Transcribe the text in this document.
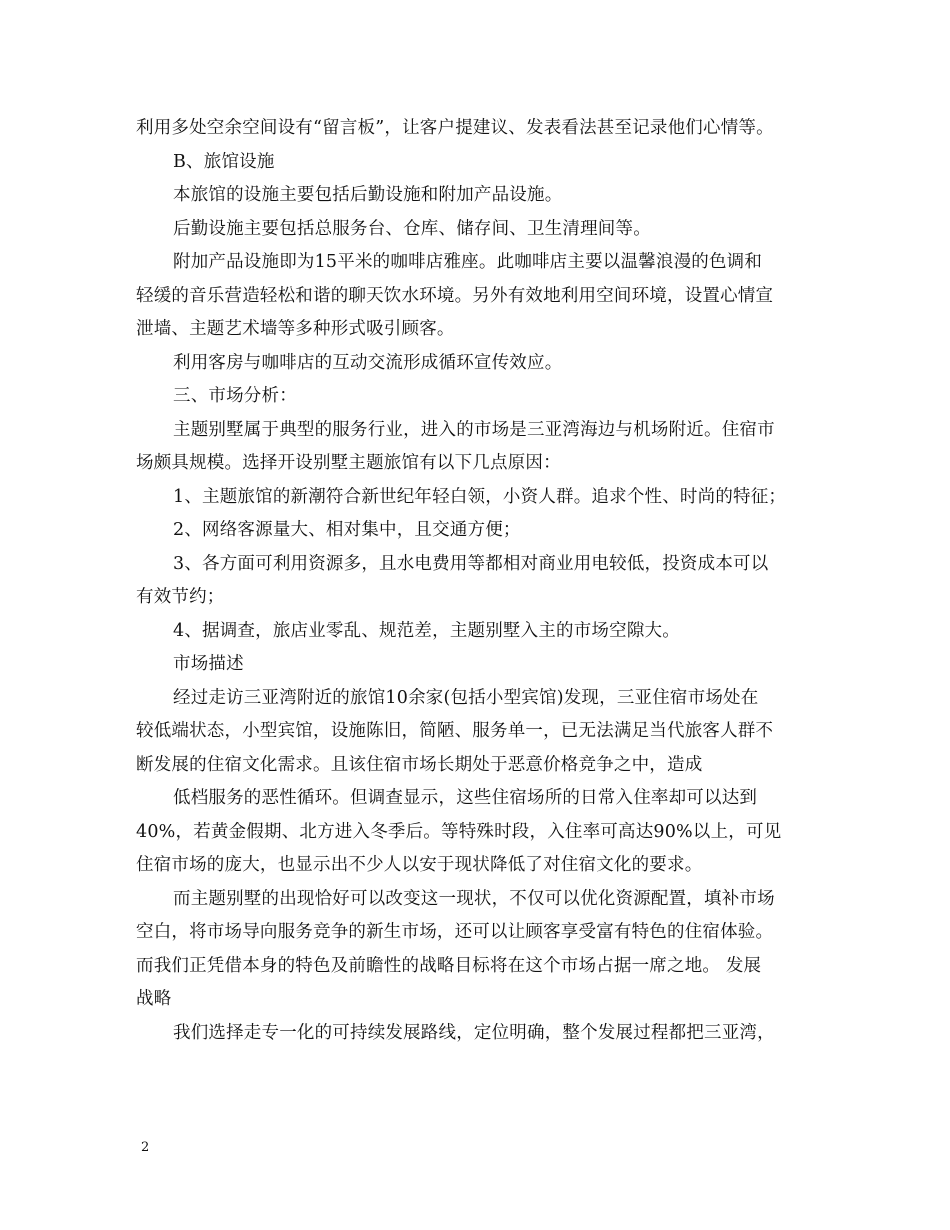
利用多处空余空间设有“留言板”，让客户提建议、发表看法甚至记录他们心情等。
B、旅馆设施
本旅馆的设施主要包括后勤设施和附加产品设施。
后勤设施主要包括总服务台、仓库、储存间、卫生清理间等。
附加产品设施即为15平米的咖啡店雅座。此咖啡店主要以温馨浪漫的色调和
轻缓的音乐营造轻松和谐的聊天饮水环境。另外有效地利用空间环境，设置心情宣
泄墙、主题艺术墙等多种形式吸引顾客。
利用客房与咖啡店的互动交流形成循环宣传效应。
三、市场分析：
主题别墅属于典型的服务行业，进入的市场是三亚湾海边与机场附近。住宿市
场颇具规模。选择开设别墅主题旅馆有以下几点原因：
1、主题旅馆的新潮符合新世纪年轻白领，小资人群。追求个性、时尚的特征；
2、网络客源量大、相对集中，且交通方便；
3、各方面可利用资源多，且水电费用等都相对商业用电较低，投资成本可以
有效节约；
4、据调查，旅店业零乱、规范差，主题别墅入主的市场空隙大。
市场描述
经过走访三亚湾附近的旅馆10余家(包括小型宾馆)发现，三亚住宿市场处在
较低端状态，小型宾馆，设施陈旧，简陋、服务单一，已无法满足当代旅客人群不
断发展的住宿文化需求。且该住宿市场长期处于恶意价格竞争之中，造成
低档服务的恶性循环。但调查显示，这些住宿场所的日常入住率却可以达到
40%，若黄金假期、北方进入冬季后。等特殊时段，入住率可高达90%以上，可见
住宿市场的庞大，也显示出不少人以安于现状降低了对住宿文化的要求。
而主题别墅的出现恰好可以改变这一现状，不仅可以优化资源配置，填补市场
空白，将市场导向服务竞争的新生市场，还可以让顾客享受富有特色的住宿体验。
而我们正凭借本身的特色及前瞻性的战略目标将在这个市场占据一席之地。 发展
战略
我们选择走专一化的可持续发展路线，定位明确，整个发展过程都把三亚湾，
2
